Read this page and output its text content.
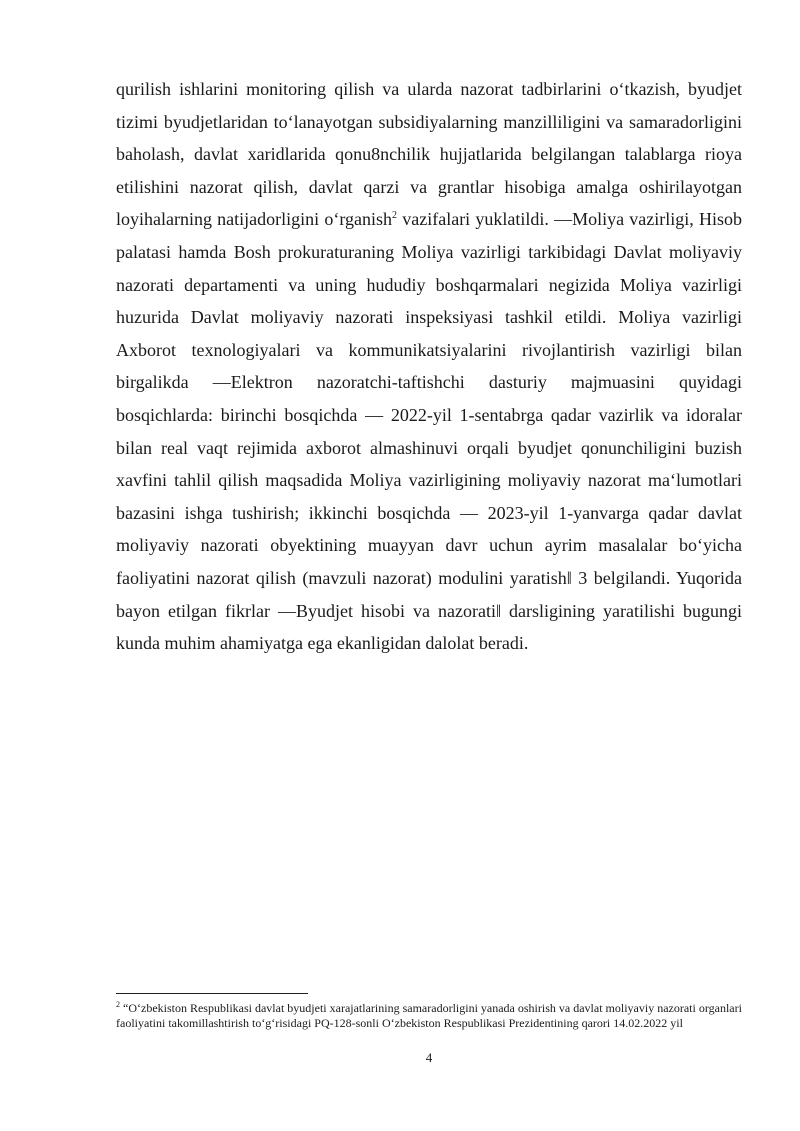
qurilish ishlarini monitoring qilish va ularda nazorat tadbirlarini oʻtkazish, byudjet tizimi byudjetlaridan toʻlanayotgan subsidiyalarning manzilliligini va samaradorligini baholash, davlat xaridlarida qonu8nchilik hujjatlarida belgilangan talablarga rioya etilishini nazorat qilish, davlat qarzi va grantlar hisobiga amalga oshirilayotgan loyihalarning natijadorligini oʻrganish$^2$ vazifalari yuklatildi. ―Moliya vazirligi, Hisob palatasi hamda Bosh prokuraturaning Moliya vazirligi tarkibidagi Davlat moliyaviy nazorati departamenti va uning hududiy boshqarmalari negizida Moliya vazirligi huzurida Davlat moliyaviy nazorati inspeksiyasi tashkil etildi. Moliya vazirligi Axborot texnologiyalari va kommunikatsiyalarini rivojlantirish vazirligi bilan birgalikda ―Elektron nazoratchi-taftishchi dasturiy majmuasini quyidagi bosqichlarda: birinchi bosqichda — 2022-yil 1-sentabrga qadar vazirlik va idoralar bilan real vaqt rejimida axborot almashinuvi orqali byudjet qonunchiligini buzish xavfini tahlil qilish maqsadida Moliya vazirligining moliyaviy nazorat maʻlumotlari bazasini ishga tushirish; ikkinchi bosqichda — 2023-yil 1-yanvarga qadar davlat moliyaviy nazorati obyektining muayyan davr uchun ayrim masalalar boʻyicha faoliyatini nazorat qilish (mavzuli nazorat) modulini yaratish‖ 3 belgilandi. Yuqorida bayon etilgan fikrlar ―Byudjet hisobi va nazorati‖ darsligining yaratilishi bugungi kunda muhim ahamiyatga ega ekanligidan dalolat beradi.

$^2$ “Oʻzbekiston Respublikasi davlat byudjeti xarajatlarining samaradorligini yanada oshirish va davlat moliyaviy nazorati organlari faoliyatini takomillashtirish toʻgʻrisidagi PQ-128-sonli Oʻzbekiston Respublikasi Prezidentining qarori 14.02.2022 yil

4
